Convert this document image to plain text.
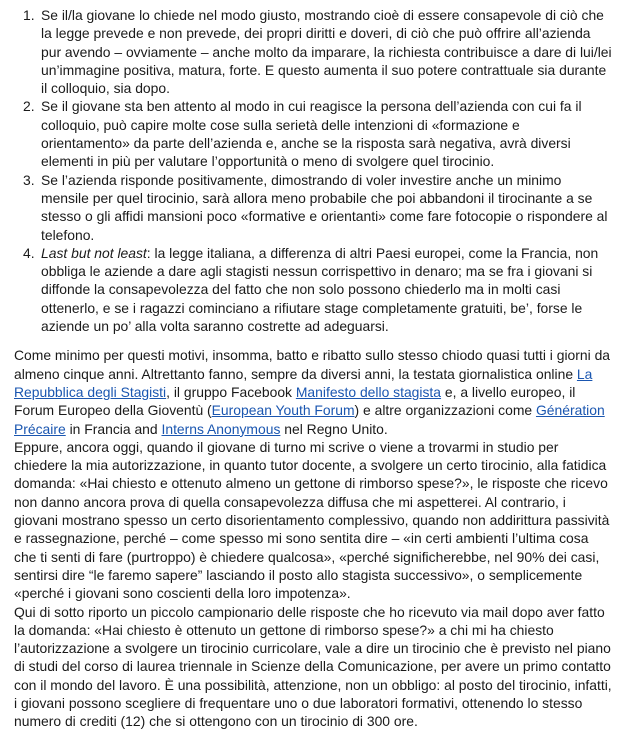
1. Se il/la giovane lo chiede nel modo giusto, mostrando cioè di essere consapevole di ciò che la legge prevede e non prevede, dei propri diritti e doveri, di ciò che può offrire all’azienda pur avendo – ovviamente – anche molto da imparare, la richiesta contribuisce a dare di lui/lei un’immagine positiva, matura, forte. E questo aumenta il suo potere contrattuale sia durante il colloquio, sia dopo.
2. Se il giovane sta ben attento al modo in cui reagisce la persona dell’azienda con cui fa il colloquio, può capire molte cose sulla serietà delle intenzioni di «formazione e orientamento» da parte dell’azienda e, anche se la risposta sarà negativa, avrà diversi elementi in più per valutare l’opportunità o meno di svolgere quel tirocinio.
3. Se l’azienda risponde positivamente, dimostrando di voler investire anche un minimo mensile per quel tirocinio, sarà allora meno probabile che poi abbandoni il tirocinante a se stesso o gli affidi mansioni poco «formative e orientanti» come fare fotocopie o rispondere al telefono.
4. Last but not least: la legge italiana, a differenza di altri Paesi europei, come la Francia, non obbliga le aziende a dare agli stagisti nessun corrispettivo in denaro; ma se fra i giovani si diffonde la consapevolezza del fatto che non solo possono chiederlo ma in molti casi ottenerlo, e se i ragazzi cominciano a rifiutare stage completamente gratuiti, be’, forse le aziende un po’ alla volta saranno costrette ad adeguarsi.

Come minimo per questi motivi, insomma, batto e ribatto sullo stesso chiodo quasi tutti i giorni da almeno cinque anni. Altrettanto fanno, sempre da diversi anni, la testata giornalistica online La Repubblica degli Stagisti, il gruppo Facebook Manifesto dello stagista e, a livello europeo, il Forum Europeo della Gioventù (European Youth Forum) e altre organizzazioni come Génération Précaire in Francia and Interns Anonymous nel Regno Unito.

Eppure, ancora oggi, quando il giovane di turno mi scrive o viene a trovarmi in studio per chiedere la mia autorizzazione, in quanto tutor docente, a svolgere un certo tirocinio, alla fatidica domanda: «Hai chiesto e ottenuto almeno un gettone di rimborso spese?», le risposte che ricevo non danno ancora prova di quella consapevolezza diffusa che mi aspetterei. Al contrario, i giovani mostrano spesso un certo disorientamento complessivo, quando non addirittura passività e rassegnazione, perché – come spesso mi sono sentita dire – «in certi ambienti l’ultima cosa che ti senti di fare (purtroppo) è chiedere qualcosa», «perché significherebbe, nel 90% dei casi, sentirsi dire “le faremo sapere” lasciando il posto allo stagista successivo», o semplicemente «perché i giovani sono coscienti della loro impotenza».

Qui di sotto riporto un piccolo campionario delle risposte che ho ricevuto via mail dopo aver fatto la domanda: «Hai chiesto è ottenuto un gettone di rimborso spese?» a chi mi ha chiesto l’autorizzazione a svolgere un tirocinio curricolare, vale a dire un tirocinio che è previsto nel piano di studi del corso di laurea triennale in Scienze della Comunicazione, per avere un primo contatto con il mondo del lavoro. È una possibilità, attenzione, non un obbligo: al posto del tirocinio, infatti, i giovani possono scegliere di frequentare uno o due laboratori formativi, ottenendo lo stesso numero di crediti (12) che si ottengono con un tirocinio di 300 ore.
